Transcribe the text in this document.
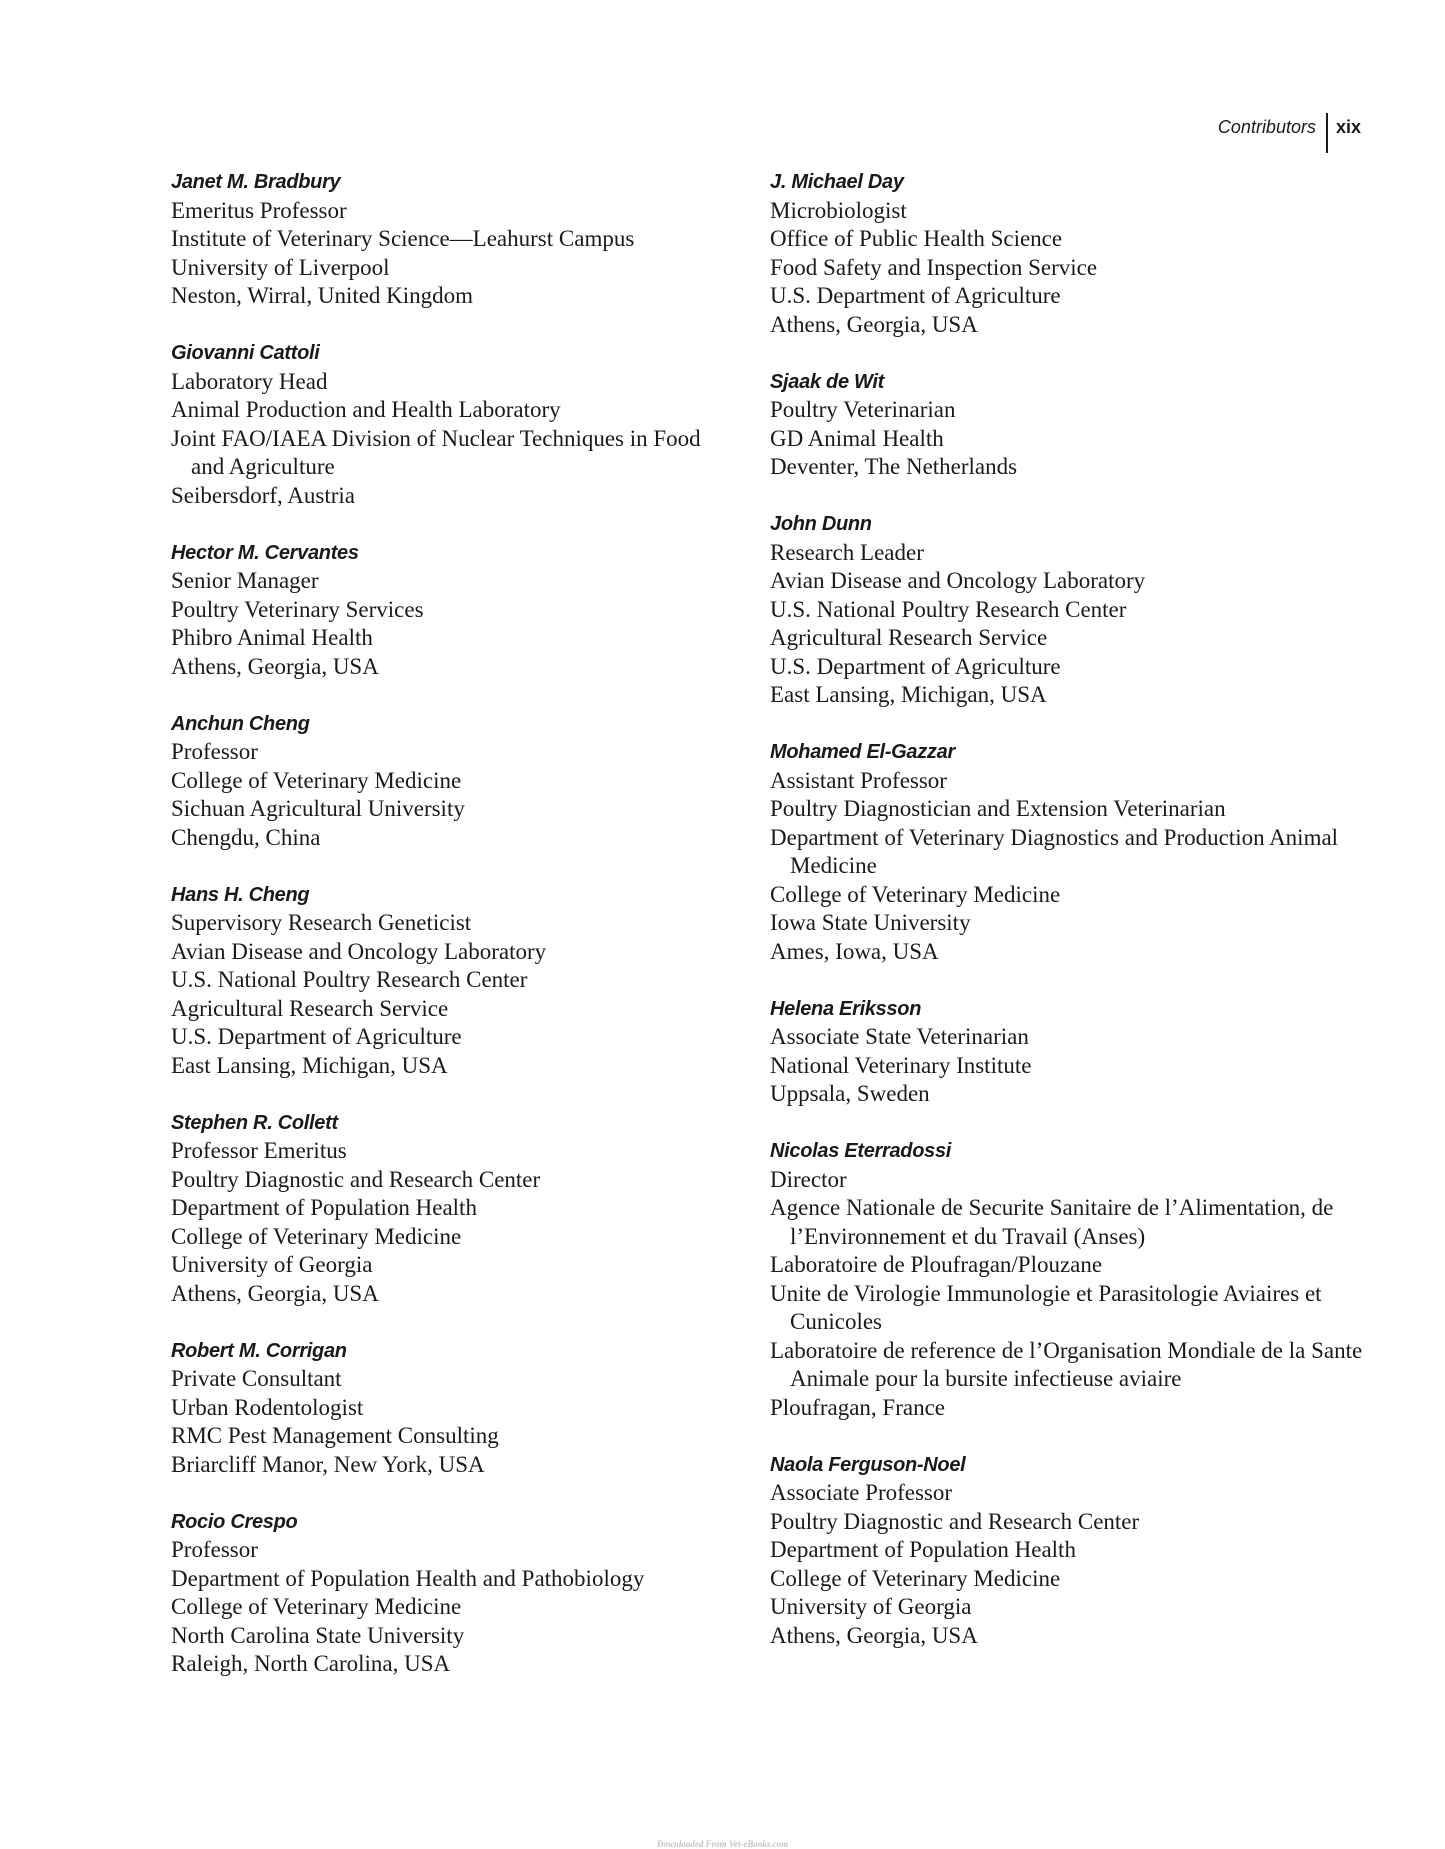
Contributors	xix
Janet M. Bradbury
Emeritus Professor
Institute of Veterinary Science—Leahurst Campus
University of Liverpool
Neston, Wirral, United Kingdom
Giovanni Cattoli
Laboratory Head
Animal Production and Health Laboratory
Joint FAO/IAEA Division of Nuclear Techniques in Food and Agriculture
Seibersdorf, Austria
Hector M. Cervantes
Senior Manager
Poultry Veterinary Services
Phibro Animal Health
Athens, Georgia, USA
Anchun Cheng
Professor
College of Veterinary Medicine
Sichuan Agricultural University
Chengdu, China
Hans H. Cheng
Supervisory Research Geneticist
Avian Disease and Oncology Laboratory
U.S. National Poultry Research Center
Agricultural Research Service
U.S. Department of Agriculture
East Lansing, Michigan, USA
Stephen R. Collett
Professor Emeritus
Poultry Diagnostic and Research Center
Department of Population Health
College of Veterinary Medicine
University of Georgia
Athens, Georgia, USA
Robert M. Corrigan
Private Consultant
Urban Rodentologist
RMC Pest Management Consulting
Briarcliff Manor, New York, USA
Rocio Crespo
Professor
Department of Population Health and Pathobiology
College of Veterinary Medicine
North Carolina State University
Raleigh, North Carolina, USA
J. Michael Day
Microbiologist
Office of Public Health Science
Food Safety and Inspection Service
U.S. Department of Agriculture
Athens, Georgia, USA
Sjaak de Wit
Poultry Veterinarian
GD Animal Health
Deventer, The Netherlands
John Dunn
Research Leader
Avian Disease and Oncology Laboratory
U.S. National Poultry Research Center
Agricultural Research Service
U.S. Department of Agriculture
East Lansing, Michigan, USA
Mohamed El-Gazzar
Assistant Professor
Poultry Diagnostician and Extension Veterinarian
Department of Veterinary Diagnostics and Production Animal Medicine
College of Veterinary Medicine
Iowa State University
Ames, Iowa, USA
Helena Eriksson
Associate State Veterinarian
National Veterinary Institute
Uppsala, Sweden
Nicolas Eterradossi
Director
Agence Nationale de Securite Sanitaire de l’Alimentation, de l’Environnement et du Travail (Anses)
Laboratoire de Ploufragan/Plouzane
Unite de Virologie Immunologie et Parasitologie Aviaires et Cunicoles
Laboratoire de reference de l’Organisation Mondiale de la Sante Animale pour la bursite infectieuse aviaire
Ploufragan, France
Naola Ferguson-Noel
Associate Professor
Poultry Diagnostic and Research Center
Department of Population Health
College of Veterinary Medicine
University of Georgia
Athens, Georgia, USA
Downloaded From Vet-eBooks.com
